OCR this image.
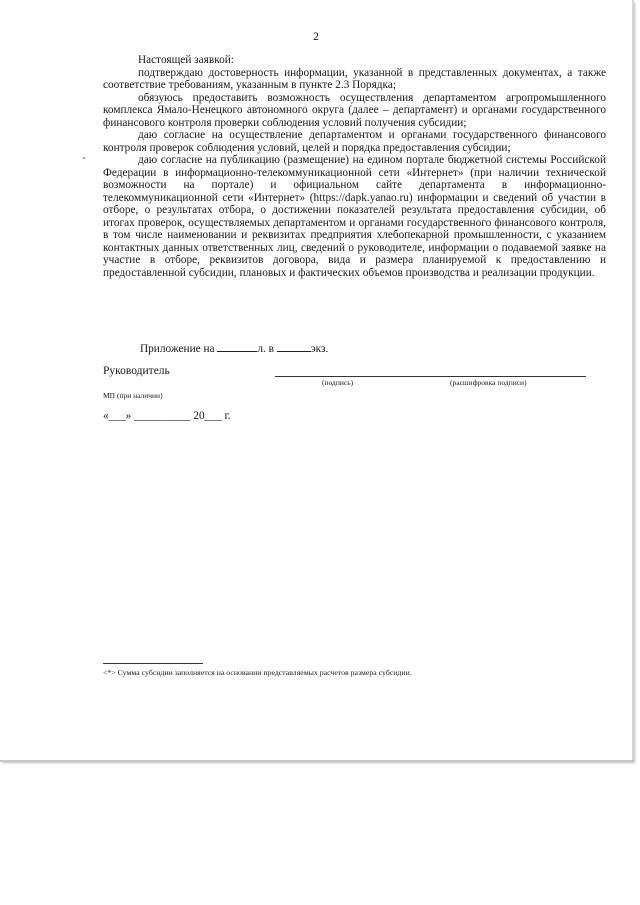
2

Настоящей заявкой:

подтверждаю достоверность информации, указанной в представленных документах, а также соответствие требованиям, указанным в пункте 2.3 Порядка;

обязуюсь предоставить возможность осуществления департаментом агропромышленного комплекса Ямало-Ненецкого автономного округа (далее – департамент) и органами государственного финансового контроля проверки соблюдения условий получения субсидии;

даю согласие на осуществление департаментом и органами государственного финансового контроля проверок соблюдения условий, целей и порядка предоставления субсидии;

даю согласие на публикацию (размещение) на едином портале бюджетной системы Российской Федерации в информационно-телекоммуникационной сети «Интернет» (при наличии технической возможности на портале) и официальном сайте департамента в информационно-телекоммуникационной сети «Интернет» (https://dapk.yanao.ru) информации и сведений об участии в отборе, о результатах отбора, о достижении показателей результата предоставления субсидии, об итогах проверок, осуществляемых департаментом и органами государственного финансового контроля, в том числе наименовании и реквизитах предприятия хлебопекарной промышленности, с указанием контактных данных ответственных лиц, сведений о руководителе, информации о подаваемой заявке на участие в отборе, реквизитов договора, вида и размера планируемой к предоставлению и предоставленной субсидии, плановых и фактических объемов производства и реализации продукции.

Приложение на	л. в	экз.
Руководитель
(подпись)	(расшифровка подписи)
МП (при наличии)
«___» __________ 20___ г.
<*> Сумма субсидии заполняется на основании представляемых расчетов размера субсидии.
